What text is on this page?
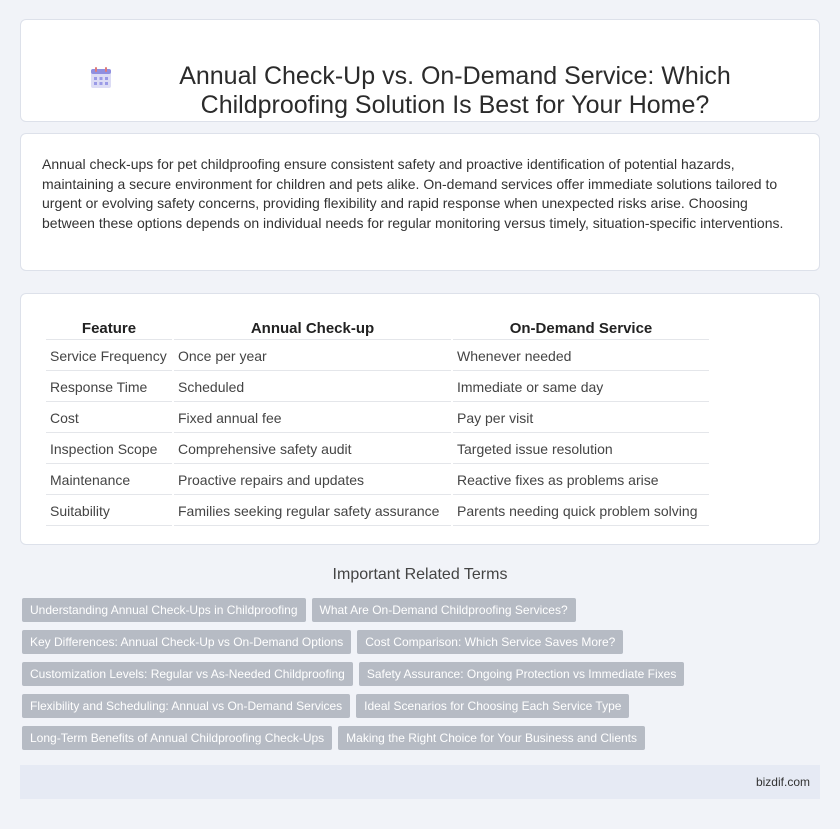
Annual Check-Up vs. On-Demand Service: Which Childproofing Solution Is Best for Your Home?

Annual check-ups for pet childproofing ensure consistent safety and proactive identification of potential hazards, maintaining a secure environment for children and pets alike. On-demand services offer immediate solutions tailored to urgent or evolving safety concerns, providing flexibility and rapid response when unexpected risks arise. Choosing between these options depends on individual needs for regular monitoring versus timely, situation-specific interventions.

Feature	Annual Check-up	On-Demand Service
Service Frequency	Once per year	Whenever needed
Response Time	Scheduled	Immediate or same day
Cost	Fixed annual fee	Pay per visit
Inspection Scope	Comprehensive safety audit	Targeted issue resolution
Maintenance	Proactive repairs and updates	Reactive fixes as problems arise
Suitability	Families seeking regular safety assurance	Parents needing quick problem solving
Important Related Terms
Understanding Annual Check-Ups in Childproofing	What Are On-Demand Childproofing Services?
Key Differences: Annual Check-Up vs On-Demand Options	Cost Comparison: Which Service Saves More?
Customization Levels: Regular vs As-Needed Childproofing	Safety Assurance: Ongoing Protection vs Immediate Fixes
Flexibility and Scheduling: Annual vs On-Demand Services	Ideal Scenarios for Choosing Each Service Type
Long-Term Benefits of Annual Childproofing Check-Ups	Making the Right Choice for Your Business and Clients
bizdif.com
